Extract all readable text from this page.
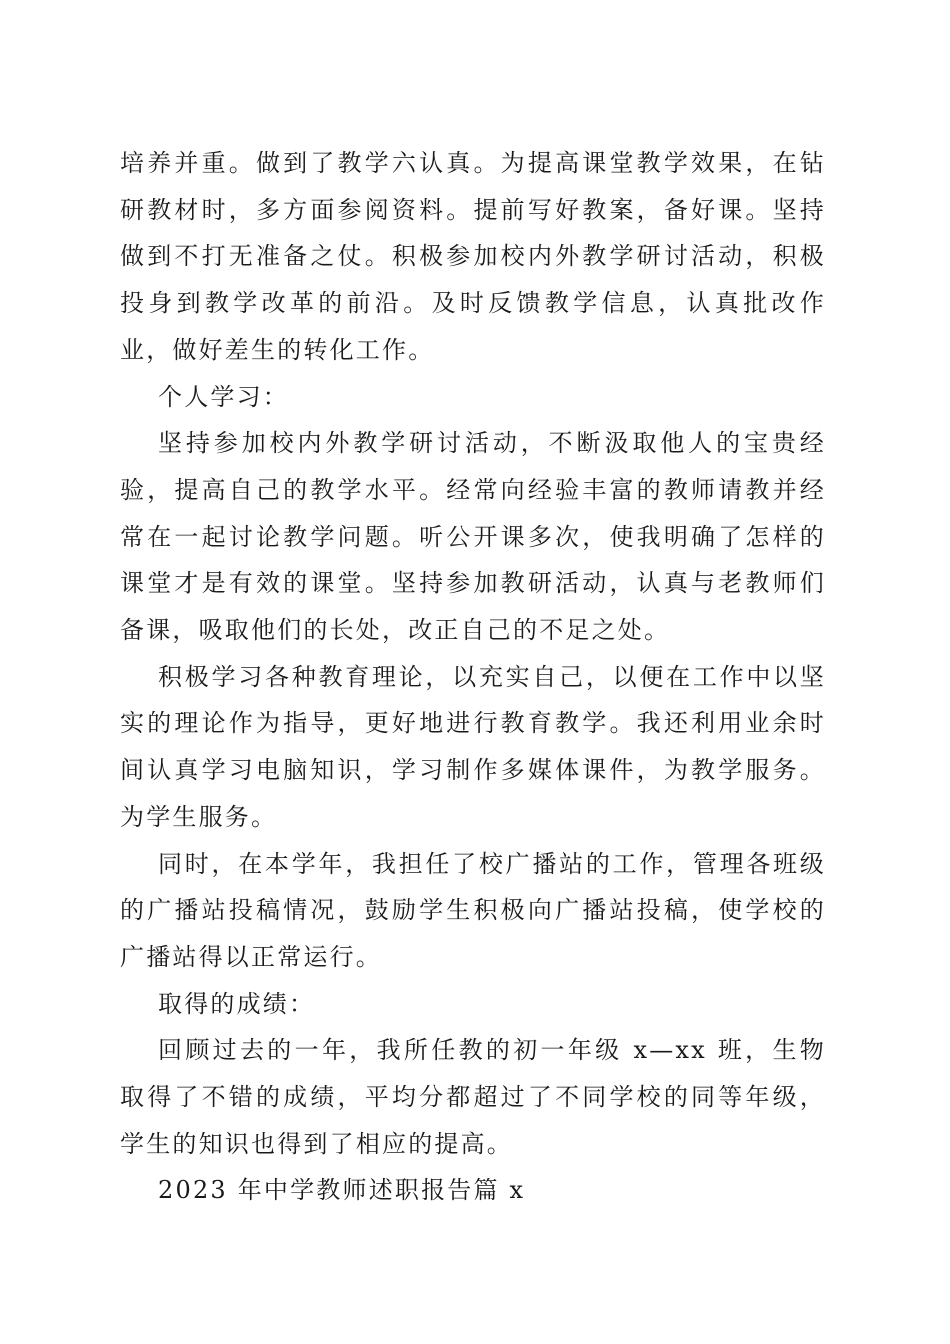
培养并重。做到了教学六认真。为提高课堂教学效果，在钻研教材时，多方面参阅资料。提前写好教案，备好课。坚持做到不打无准备之仗。积极参加校内外教学研讨活动，积极投身到教学改革的前沿。及时反馈教学信息，认真批改作业，做好差生的转化工作。

个人学习：

坚持参加校内外教学研讨活动，不断汲取他人的宝贵经验，提高自己的教学水平。经常向经验丰富的教师请教并经常在一起讨论教学问题。听公开课多次，使我明确了怎样的课堂才是有效的课堂。坚持参加教研活动，认真与老教师们备课，吸取他们的长处，改正自己的不足之处。

积极学习各种教育理论，以充实自己，以便在工作中以坚实的理论作为指导，更好地进行教育教学。我还利用业余时间认真学习电脑知识，学习制作多媒体课件，为教学服务。为学生服务。

同时，在本学年，我担任了校广播站的工作，管理各班级的广播站投稿情况，鼓励学生积极向广播站投稿，使学校的广播站得以正常运行。

取得的成绩：

回顾过去的一年，我所任教的初一年级 x—xx 班，生物取得了不错的成绩，平均分都超过了不同学校的同等年级，学生的知识也得到了相应的提高。

2023 年中学教师述职报告篇 x
